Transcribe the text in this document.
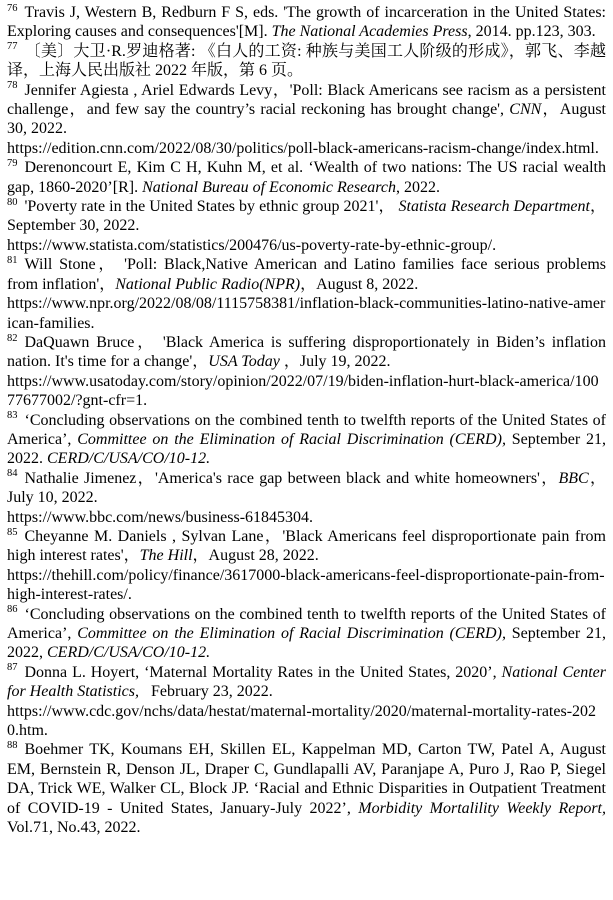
$^{76}$ Travis J, Western B, Redburn F S, eds. 'The growth of incarceration in the United States: Exploring causes and consequences'[M]. The National Academies Press, 2014. pp.123, 303.

$^{77}$ 〔美〕大卫·R.罗迪格著: 《白人的工资: 种族与美国工人阶级的形成》，郭飞、李越译，上海人民出版社 2022 年版，第 6 页。

$^{78}$ Jennifer Agiesta , Ariel Edwards Levy，'Poll: Black Americans see racism as a persistent challenge，and few say the country’s racial reckoning has brought change', CNN，August 30, 2022.
https://edition.cnn.com/2022/08/30/politics/poll-black-americans-racism-change/index.html.

$^{79}$ Derenoncourt E, Kim C H, Kuhn M, et al. ‘Wealth of two nations: The US racial wealth gap, 1860-2020’[R]. National Bureau of Economic Research, 2022.

$^{80}$ 'Poverty rate in the United States by ethnic group 2021'， Statista Research Department，September 30, 2022.
https://www.statista.com/statistics/200476/us-poverty-rate-by-ethnic-group/.

$^{81}$ Will Stone， 'Poll: Black,Native American and Latino families face serious problems from inflation'，National Public Radio(NPR)，August 8, 2022.
https://www.npr.org/2022/08/08/1115758381/inflation-black-communities-latino-native-american-families.

$^{82}$ DaQuawn Bruce， 'Black America is suffering disproportionately in Biden’s inflation nation. It's time for a change'，USA Today ，July 19, 2022.
https://www.usatoday.com/story/opinion/2022/07/19/biden-inflation-hurt-black-america/10077677002/?gnt-cfr=1.

$^{83}$ ‘Concluding observations on the combined tenth to twelfth reports of the United States of America’, Committee on the Elimination of Racial Discrimination (CERD), September 21, 2022. CERD/C/USA/CO/10-12.

$^{84}$ Nathalie Jimenez，'America's race gap between black and white homeowners'，BBC，July 10, 2022.
https://www.bbc.com/news/business-61845304.

$^{85}$ Cheyanne M. Daniels , Sylvan Lane，'Black Americans feel disproportionate pain from high interest rates'，The Hill，August 28, 2022.
https://thehill.com/policy/finance/3617000-black-americans-feel-disproportionate-pain-from-high-interest-rates/.

$^{86}$ ‘Concluding observations on the combined tenth to twelfth reports of the United States of America’, Committee on the Elimination of Racial Discrimination (CERD), September 21, 2022, CERD/C/USA/CO/10-12.

$^{87}$ Donna L. Hoyert, ‘Maternal Mortality Rates in the United States, 2020’, National Center for Health Statistics,   February 23, 2022.
https://www.cdc.gov/nchs/data/hestat/maternal-mortality/2020/maternal-mortality-rates-2020.htm.

$^{88}$ Boehmer TK, Koumans EH, Skillen EL, Kappelman MD, Carton TW, Patel A, August EM, Bernstein R, Denson JL, Draper C, Gundlapalli AV, Paranjape A, Puro J, Rao P, Siegel DA, Trick WE, Walker CL, Block JP. ‘Racial and Ethnic Disparities in Outpatient Treatment of COVID-19 - United States, January-July 2022’, Morbidity Mortalility Weekly Report, Vol.71, No.43, 2022.
